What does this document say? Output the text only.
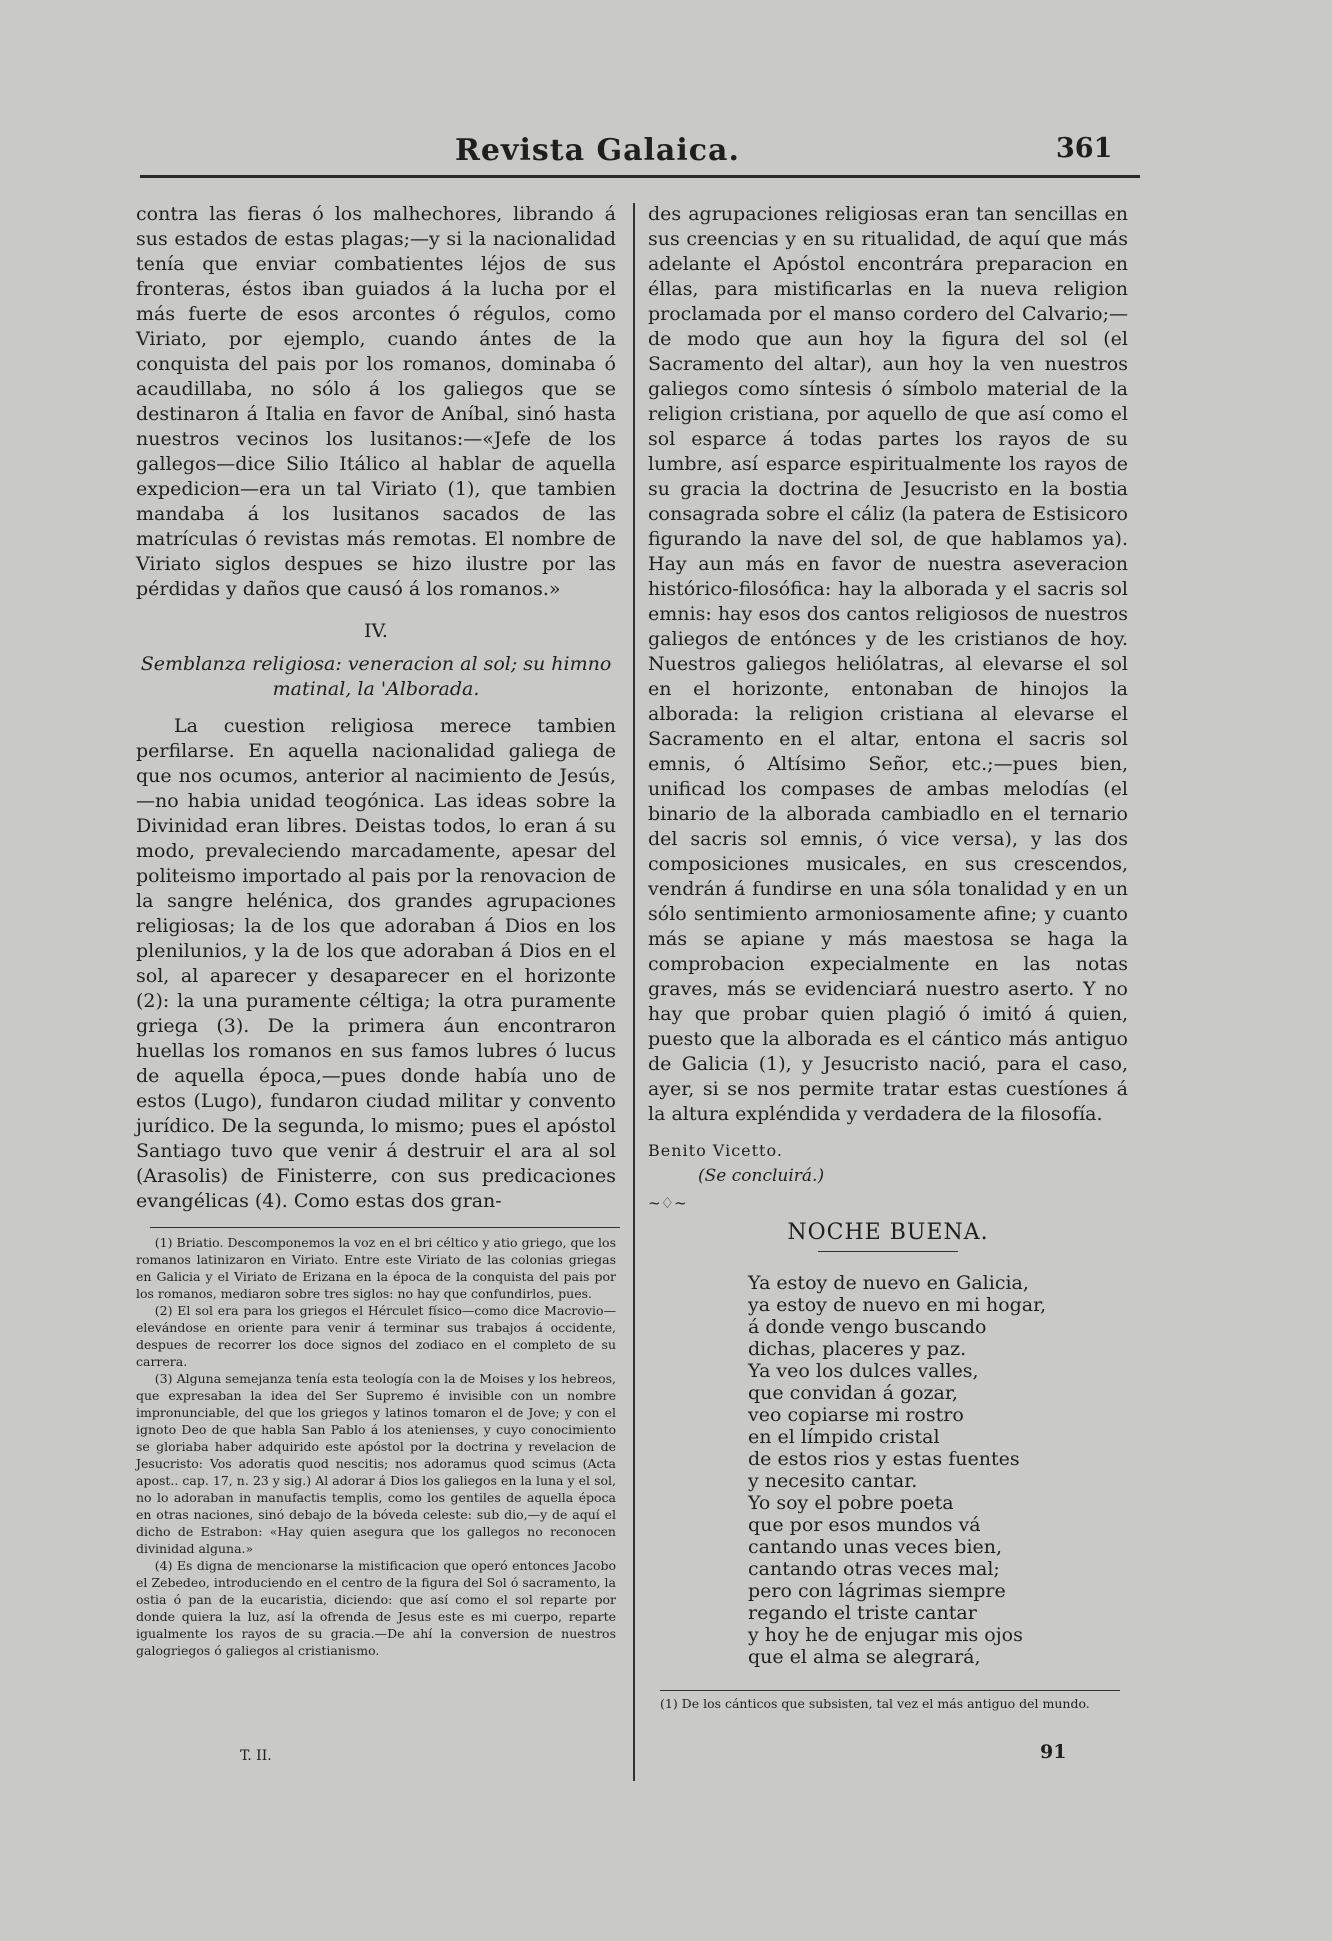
Revista Galaica.	361

contra las fieras ó los malhechores, librando á sus estados de estas plagas;—y si la nacionalidad tenía que enviar combatientes léjos de sus fronteras, éstos iban guiados á la lucha por el más fuerte de esos arcontes ó régulos, como Viriato, por ejemplo, cuando ántes de la conquista del pais por los romanos, dominaba ó acaudillaba, no sólo á los galiegos que se destinaron á Italia en favor de Aníbal, sinó hasta nuestros vecinos los lusitanos:—«Jefe de los gallegos—dice Silio Itálico al hablar de aquella expedicion—era un tal Viriato (1), que tambien mandaba á los lusitanos sacados de las matrículas ó revistas más remotas. El nombre de Viriato siglos despues se hizo ilustre por las pérdidas y daños que causó á los romanos.»

IV.

Semblanza religiosa: veneracion al sol; su himno matinal, la 'Alborada.

La cuestion religiosa merece tambien perfilarse. En aquella nacionalidad galiega de que nos ocumos, anterior al nacimiento de Jesús,—no habia unidad teogónica. Las ideas sobre la Divinidad eran libres. Deistas todos, lo eran á su modo, prevaleciendo marcadamente, apesar del politeismo importado al pais por la renovacion de la sangre helénica, dos grandes agrupaciones religiosas; la de los que adoraban á Dios en los plenilunios, y la de los que adoraban á Dios en el sol, al aparecer y desaparecer en el horizonte (2): la una puramente céltiga; la otra puramente griega (3). De la primera áun encontraron huellas los romanos en sus famos lubres ó lucus de aquella época,—pues donde había uno de estos (Lugo), fundaron ciudad militar y convento jurídico. De la segunda, lo mismo; pues el apóstol Santiago tuvo que venir á destruir el ara al sol (Arasolis) de Finisterre, con sus predicaciones evangélicas (4). Como estas dos gran-

(1) Briatio. Descomponemos la voz en el bri céltico y atio griego, que los romanos latinizaron en Viriato. Entre este Viriato de las colonias griegas en Galicia y el Viriato de Erizana en la época de la conquista del pais por los romanos, mediaron sobre tres siglos: no hay que confundirlos, pues.

(2) El sol era para los griegos el Hérculet físico—como dice Macrovio—elevándose en oriente para venir á terminar sus trabajos á occidente, despues de recorrer los doce signos del zodiaco en el completo de su carrera.

(3) Alguna semejanza tenía esta teología con la de Moises y los hebreos, que expresaban la idea del Ser Supremo é invisible con un nombre impronunciable, del que los griegos y latinos tomaron el de Jove; y con el ignoto Deo de que habla San Pablo á los atenienses, y cuyo conocimiento se gloriaba haber adquirido este apóstol por la doctrina y revelacion de Jesucristo: Vos adoratis quod nescitis; nos adoramus quod scimus (Acta apost.. cap. 17, n. 23 y sig.) Al adorar á Dios los galiegos en la luna y el sol, no lo adoraban in manufactis templis, como los gentiles de aquella época en otras naciones, sinó debajo de la bóveda celeste: sub dio,—y de aquí el dicho de Estrabon: «Hay quien asegura que los gallegos no reconocen divinidad alguna.»

(4) Es digna de mencionarse la mistificacion que operó entonces Jacobo el Zebedeo, introduciendo en el centro de la figura del Sol ó sacramento, la ostia ó pan de la eucaristia, diciendo: que así como el sol reparte por donde quiera la luz, así la ofrenda de Jesus este es mi cuerpo, reparte igualmente los rayos de su gracia.—De ahí la conversion de nuestros galogriegos ó galiegos al cristianismo.

T. II.

des agrupaciones religiosas eran tan sencillas en sus creencias y en su ritualidad, de aquí que más adelante el Apóstol encontrára preparacion en éllas, para mistificarlas en la nueva religion proclamada por el manso cordero del Calvario;—de modo que aun hoy la figura del sol (el Sacramento del altar), aun hoy la ven nuestros galiegos como síntesis ó símbolo material de la religion cristiana, por aquello de que así como el sol esparce á todas partes los rayos de su lumbre, así esparce espiritualmente los rayos de su gracia la doctrina de Jesucristo en la bostia consagrada sobre el cáliz (la patera de Estisicoro figurando la nave del sol, de que hablamos ya). Hay aun más en favor de nuestra aseveracion histórico-filosófica: hay la alborada y el sacris sol emnis: hay esos dos cantos religiosos de nuestros galiegos de entónces y de les cristianos de hoy. Nuestros galiegos heliólatras, al elevarse el sol en el horizonte, entonaban de hinojos la alborada: la religion cristiana al elevarse el Sacramento en el altar, entona el sacris sol emnis, ó Altísimo Señor, etc.;—pues bien, unificad los compases de ambas melodías (el binario de la alborada cambiadlo en el ternario del sacris sol emnis, ó vice versa), y las dos composiciones musicales, en sus crescendos, vendrán á fundirse en una sóla tonalidad y en un sólo sentimiento armoniosamente afine; y cuanto más se apiane y más maestosa se haga la comprobacion expecialmente en las notas graves, más se evidenciará nuestro aserto. Y no hay que probar quien plagió ó imitó á quien, puesto que la alborada es el cántico más antiguo de Galicia (1), y Jesucristo nació, para el caso, ayer, si se nos permite tratar estas cuestíones á la altura expléndida y verdadera de la filosofía.

Benito Vicetto.

(Se concluirá.)

~♢~

NOCHE BUENA.

Ya estoy de nuevo en Galicia,
ya estoy de nuevo en mi hogar,
á donde vengo buscando
dichas, placeres y paz.
Ya veo los dulces valles,
que convidan á gozar,
veo copiarse mi rostro
en el límpido cristal
de estos rios y estas fuentes
y necesito cantar.
Yo soy el pobre poeta
que por esos mundos vá
cantando unas veces bien,
cantando otras veces mal;
pero con lágrimas siempre
regando el triste cantar
y hoy he de enjugar mis ojos
que el alma se alegrará,
(1) De los cánticos que subsisten, tal vez el más antiguo del mundo.
91
